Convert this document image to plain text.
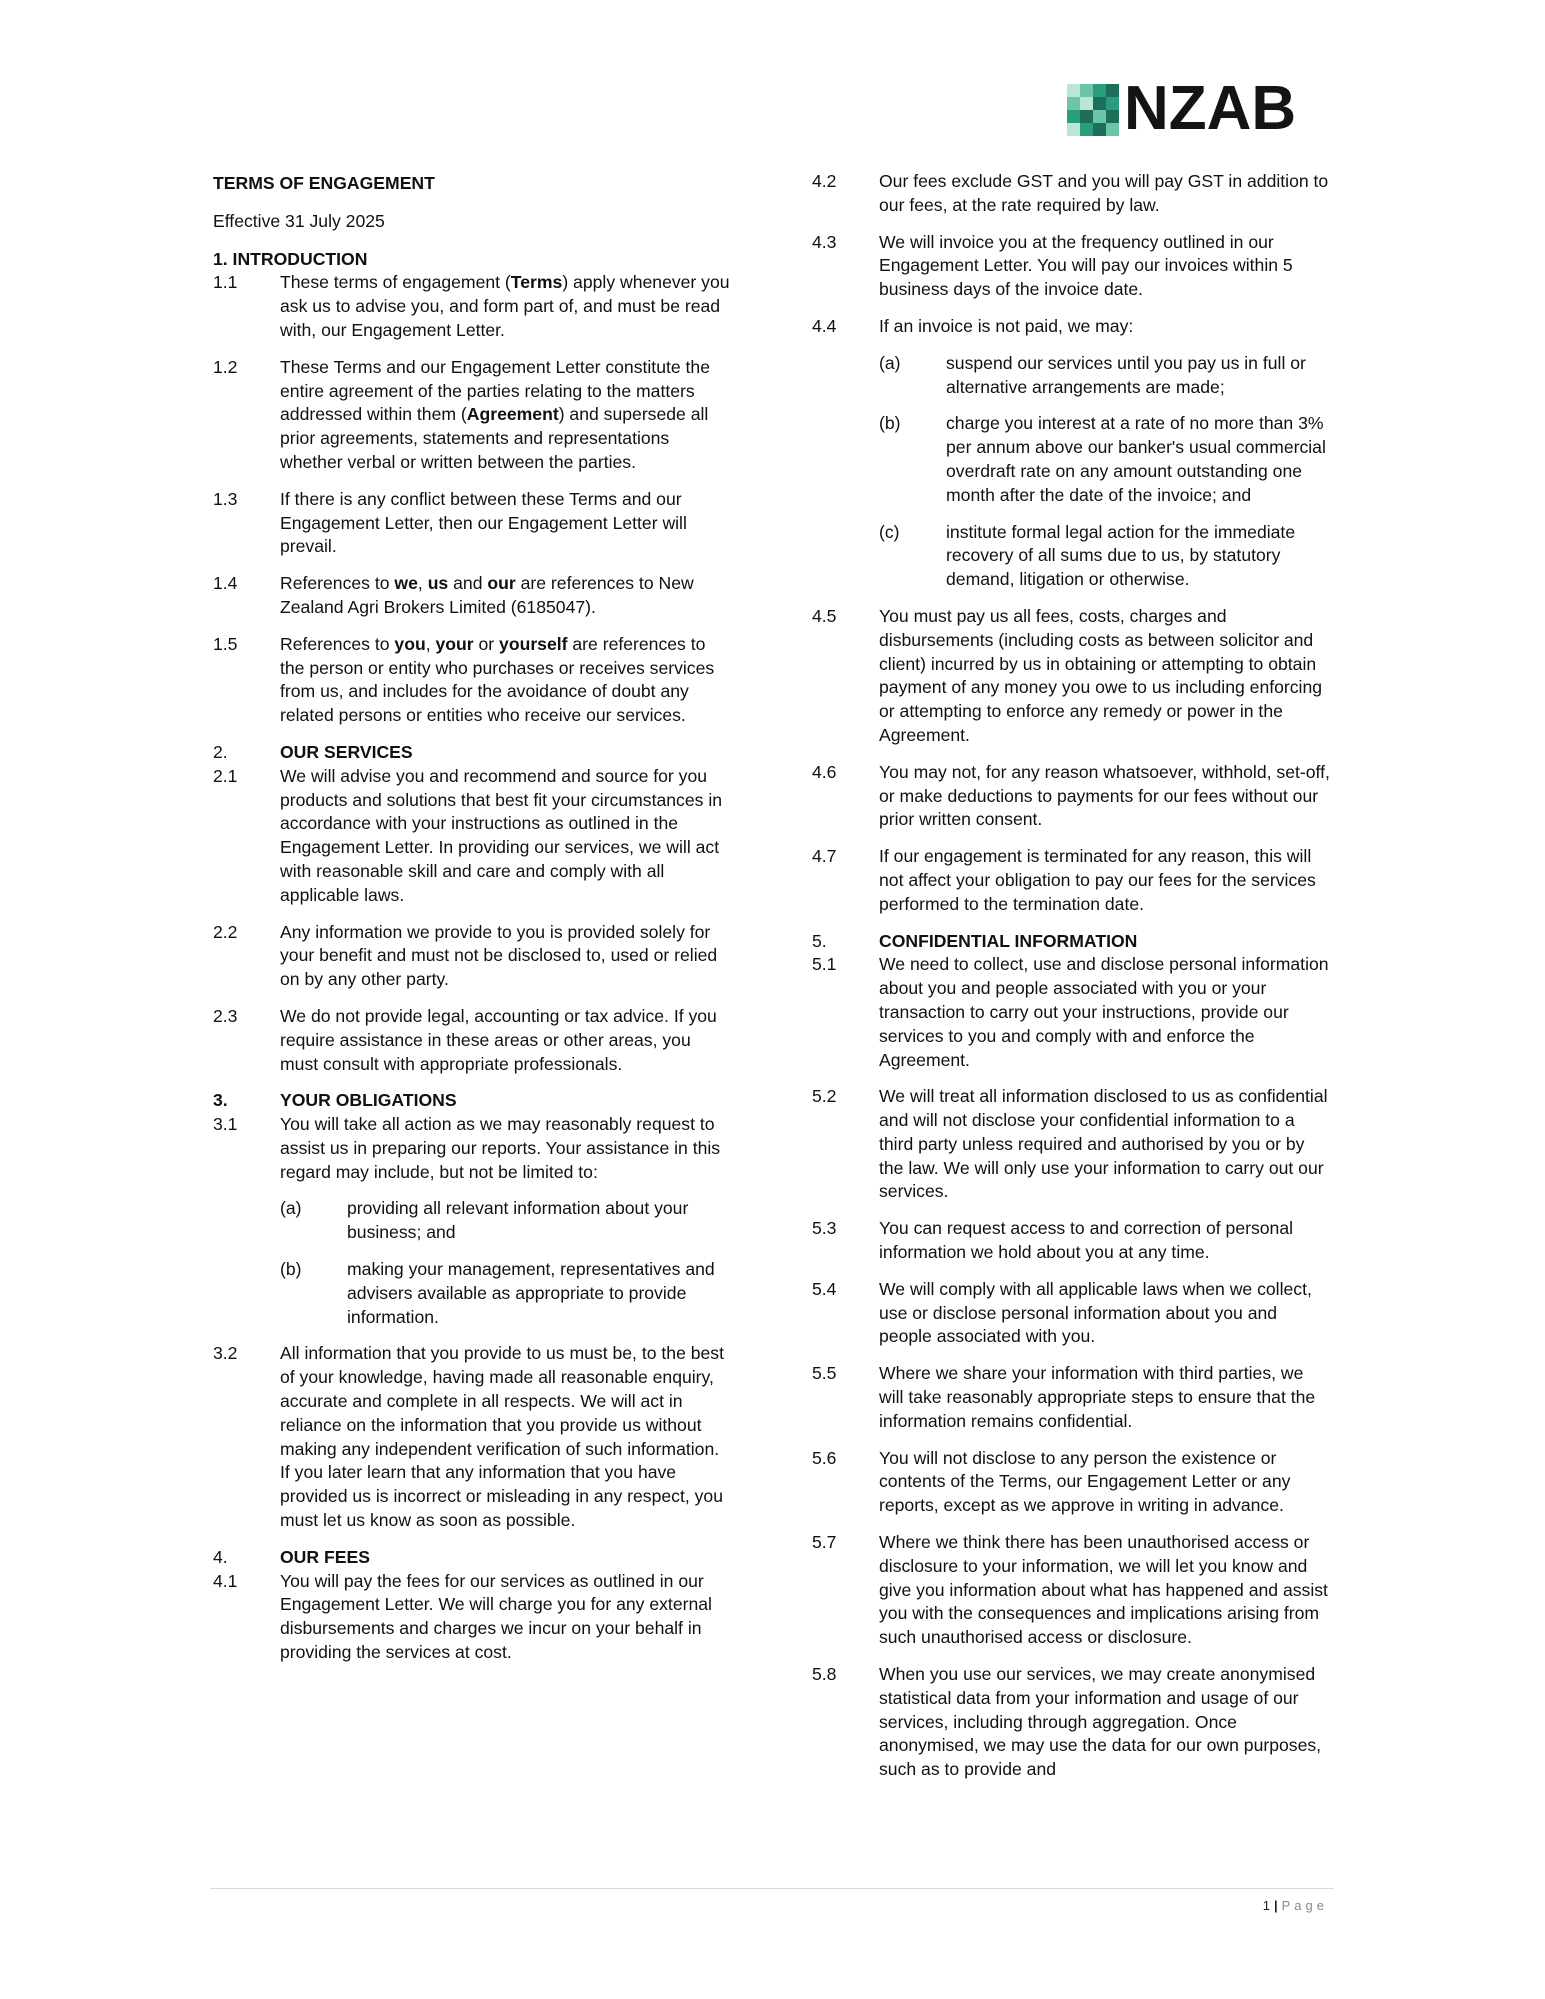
NZAB
TERMS OF ENGAGEMENT
Effective 31 July 2025
1. INTRODUCTION
1.1	These terms of engagement (Terms) apply whenever you ask us to advise you, and form part of, and must be read with, our Engagement Letter.
1.2	These Terms and our Engagement Letter constitute the entire agreement of the parties relating to the matters addressed within them (Agreement) and supersede all prior agreements, statements and representations whether verbal or written between the parties.
1.3	If there is any conflict between these Terms and our Engagement Letter, then our Engagement Letter will prevail.
1.4	References to we, us and our are references to New Zealand Agri Brokers Limited (6185047).
1.5	References to you, your or yourself are references to the person or entity who purchases or receives services from us, and includes for the avoidance of doubt any related persons or entities who receive our services.
2.	OUR SERVICES
2.1	We will advise you and recommend and source for you products and solutions that best fit your circumstances in accordance with your instructions as outlined in the Engagement Letter. In providing our services, we will act with reasonable skill and care and comply with all applicable laws.
2.2	Any information we provide to you is provided solely for your benefit and must not be disclosed to, used or relied on by any other party.
2.3	We do not provide legal, accounting or tax advice. If you require assistance in these areas or other areas, you must consult with appropriate professionals.
3.	YOUR OBLIGATIONS
3.1	You will take all action as we may reasonably request to assist us in preparing our reports. Your assistance in this regard may include, but not be limited to:
(a)	providing all relevant information about your business; and
(b)	making your management, representatives and advisers available as appropriate to provide information.
3.2	All information that you provide to us must be, to the best of your knowledge, having made all reasonable enquiry, accurate and complete in all respects. We will act in reliance on the information that you provide us without making any independent verification of such information. If you later learn that any information that you have provided us is incorrect or misleading in any respect, you must let us know as soon as possible.
4.	OUR FEES
4.1	You will pay the fees for our services as outlined in our Engagement Letter. We will charge you for any external disbursements and charges we incur on your behalf in providing the services at cost.
4.2	Our fees exclude GST and you will pay GST in addition to our fees, at the rate required by law.
4.3	We will invoice you at the frequency outlined in our Engagement Letter. You will pay our invoices within 5 business days of the invoice date.
4.4	If an invoice is not paid, we may:
(a)	suspend our services until you pay us in full or alternative arrangements are made;
(b)	charge you interest at a rate of no more than 3% per annum above our banker's usual commercial overdraft rate on any amount outstanding one month after the date of the invoice; and
(c)	institute formal legal action for the immediate recovery of all sums due to us, by statutory demand, litigation or otherwise.
4.5	You must pay us all fees, costs, charges and disbursements (including costs as between solicitor and client) incurred by us in obtaining or attempting to obtain payment of any money you owe to us including enforcing or attempting to enforce any remedy or power in the Agreement.
4.6	You may not, for any reason whatsoever, withhold, set-off, or make deductions to payments for our fees without our prior written consent.
4.7	If our engagement is terminated for any reason, this will not affect your obligation to pay our fees for the services performed to the termination date.
5.	CONFIDENTIAL INFORMATION
5.1	We need to collect, use and disclose personal information about you and people associated with you or your transaction to carry out your instructions, provide our services to you and comply with and enforce the Agreement.
5.2	We will treat all information disclosed to us as confidential and will not disclose your confidential information to a third party unless required and authorised by you or by the law. We will only use your information to carry out our services.
5.3	You can request access to and correction of personal information we hold about you at any time.
5.4	We will comply with all applicable laws when we collect, use or disclose personal information about you and people associated with you.
5.5	Where we share your information with third parties, we will take reasonably appropriate steps to ensure that the information remains confidential.
5.6	You will not disclose to any person the existence or contents of the Terms, our Engagement Letter or any reports, except as we approve in writing in advance.
5.7	Where we think there has been unauthorised access or disclosure to your information, we will let you know and give you information about what has happened and assist you with the consequences and implications arising from such unauthorised access or disclosure.
5.8	When you use our services, we may create anonymised statistical data from your information and usage of our services, including through aggregation. Once anonymised, we may use the data for our own purposes, such as to provide and
1 | Page
